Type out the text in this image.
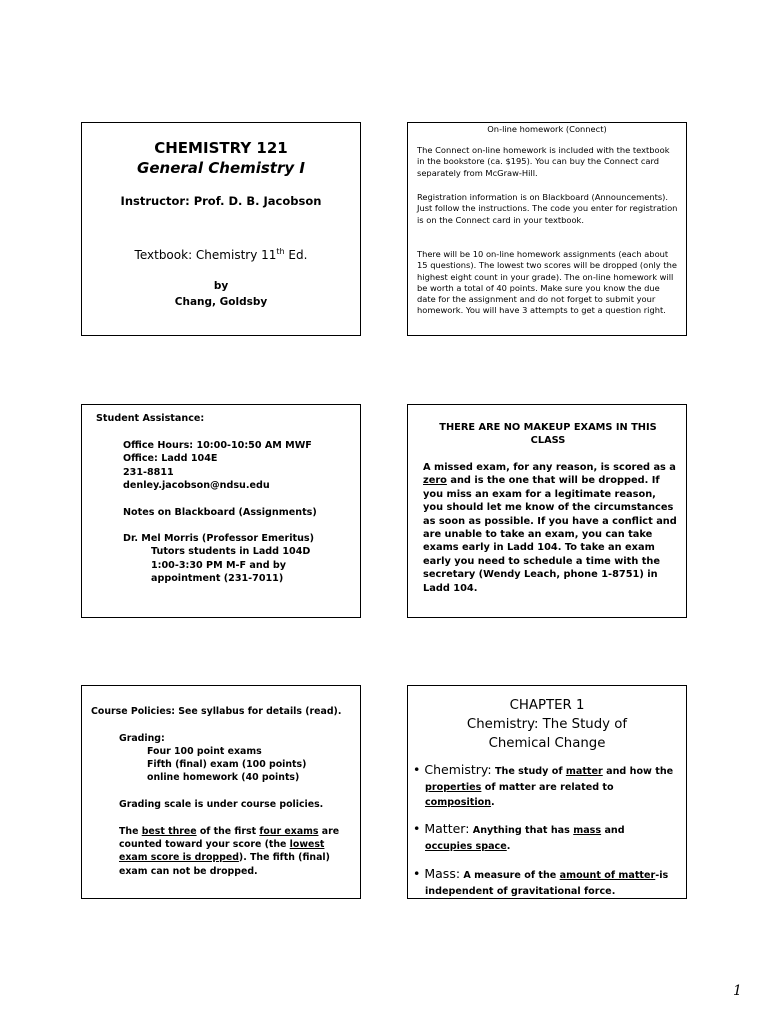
CHEMISTRY 121
General Chemistry I
Instructor: Prof. D. B. Jacobson
Textbook: Chemistry 11th Ed.
by
Chang, Goldsby
On-line homework (Connect)
The Connect on-line homework is included with the textbook in the bookstore (ca. $195). You can buy the Connect card separately from McGraw-Hill.
Registration information is on Blackboard (Announcements). Just follow the instructions. The code you enter for registration is on the Connect card in your textbook.
There will be 10 on-line homework assignments (each about 15 questions). The lowest two scores will be dropped (only the highest eight count in your grade). The on-line homework will be worth a total of 40 points. Make sure you know the due date for the assignment and do not forget to submit your homework. You will have 3 attempts to get a question right.
Student Assistance:
Office Hours: 10:00-10:50 AM MWF
Office: Ladd 104E
231-8811
denley.jacobson@ndsu.edu
Notes on Blackboard (Assignments)
Dr. Mel Morris (Professor Emeritus)
Tutors students in Ladd 104D
1:00-3:30 PM M-F and by
appointment (231-7011)
THERE ARE NO MAKEUP EXAMS IN THIS CLASS
A missed exam, for any reason, is scored as a zero and is the one that will be dropped. If you miss an exam for a legitimate reason, you should let me know of the circumstances as soon as possible. If you have a conflict and are unable to take an exam, you can take exams early in Ladd 104. To take an exam early you need to schedule a time with the secretary (Wendy Leach, phone 1-8751) in Ladd 104.
Course Policies: See syllabus for details (read).
Grading:
Four 100 point exams
Fifth (final) exam (100 points)
online homework (40 points)
Grading scale is under course policies.
The best three of the first four exams are counted toward your score (the lowest exam score is dropped). The fifth (final) exam can not be dropped.
CHAPTER 1
Chemistry: The Study of
Chemical Change
• Chemistry: The study of matter and how the
properties of matter are related to
composition.
• Matter: Anything that has mass and
occupies space.
• Mass: A measure of the amount of matter-is
independent of gravitational force.
1
